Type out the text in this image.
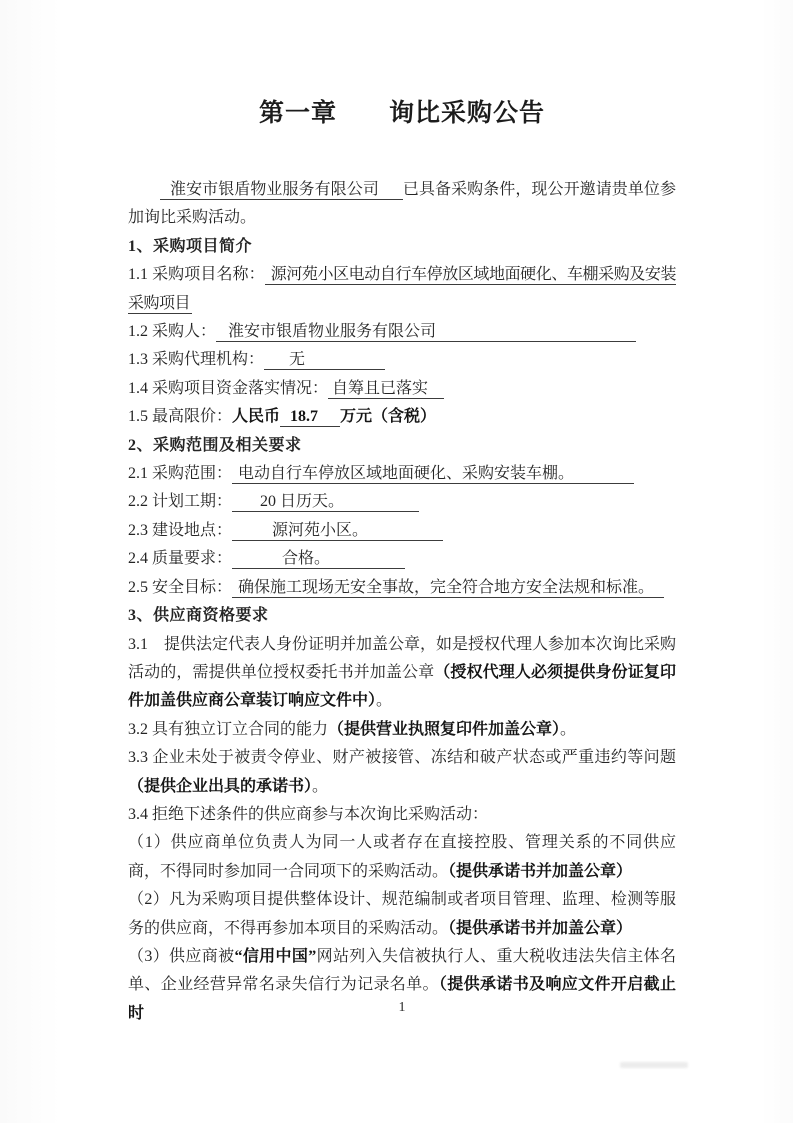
第一章　　询比采购公告

淮安市银盾物业服务有限公司 已具备采购条件，现公开邀请贵单位参加询比采购活动。

1、采购项目简介

1.1 采购项目名称： 源河苑小区电动自行车停放区域地面硬化、车棚采购及安装采购项目

1.2 采购人： 淮安市银盾物业服务有限公司

1.3 采购代理机构： 无

1.4 采购项目资金落实情况： 自筹且已落实

1.5 最高限价：人民币 18.7 万元（含税）

2、采购范围及相关要求

2.1 采购范围： 电动自行车停放区域地面硬化、采购安装车棚。

2.2 计划工期： 20 日历天。

2.3 建设地点：	源河苑小区。

2.4 质量要求：	合格。

2.5 安全目标： 确保施工现场无安全事故，完全符合地方安全法规和标准。

3、供应商资格要求

3.1　提供法定代表人身份证明并加盖公章，如是授权代理人参加本次询比采购活动的，需提供单位授权委托书并加盖公章（授权代理人必须提供身份证复印件加盖供应商公章装订响应文件中）。

3.2 具有独立订立合同的能力（提供营业执照复印件加盖公章）。

3.3 企业未处于被责令停业、财产被接管、冻结和破产状态或严重违约等问题（提供企业出具的承诺书）。

3.4 拒绝下述条件的供应商参与本次询比采购活动：

（1）供应商单位负责人为同一人或者存在直接控股、管理关系的不同供应商，不得同时参加同一合同项下的采购活动。（提供承诺书并加盖公章）

（2）凡为采购项目提供整体设计、规范编制或者项目管理、监理、检测等服务的供应商，不得再参加本项目的采购活动。（提供承诺书并加盖公章）

（3）供应商被“信用中国”网站列入失信被执行人、重大税收违法失信主体名单、企业经营异常名录失信行为记录名单。（提供承诺书及响应文件开启截止时	1
